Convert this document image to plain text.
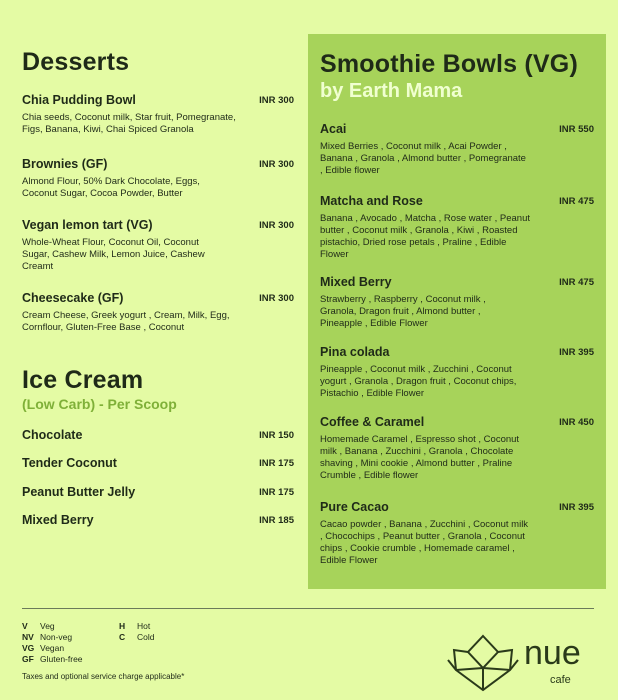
Desserts
Chia Pudding Bowl	INR 300
Chia seeds, Coconut milk, Star fruit, Pomegranate, Figs, Banana, Kiwi, Chai Spiced Granola
Brownies (GF)	INR 300
Almond Flour, 50% Dark Chocolate, Eggs, Coconut Sugar, Cocoa Powder, Butter
Vegan lemon tart (VG)	INR 300
Whole-Wheat Flour, Coconut Oil, Coconut Sugar, Cashew Milk, Lemon Juice, Cashew Creamt
Cheesecake (GF)	INR 300
Cream Cheese, Greek yogurt , Cream, Milk, Egg, Cornflour, Gluten-Free Base , Coconut
Ice Cream
(Low Carb) - Per Scoop
Chocolate	INR 150
Tender Coconut	INR 175
Peanut Butter Jelly	INR 175
Mixed Berry	INR 185
Smoothie Bowls (VG)
by Earth Mama
Acai	INR 550
Mixed Berries , Coconut milk , Acai Powder , Banana , Granola , Almond butter , Pomegranate , Edible flower
Matcha and Rose	INR 475
Banana , Avocado , Matcha , Rose water , Peanut butter , Coconut milk , Granola , Kiwi , Roasted pistachio, Dried rose petals , Praline , Edible Flower
Mixed Berry	INR 475
Strawberry , Raspberry , Coconut milk , Granola, Dragon fruit , Almond butter , Pineapple , Edible Flower
Pina colada	INR 395
Pineapple , Coconut milk , Zucchini , Coconut yogurt , Granola , Dragon fruit , Coconut chips, Pistachio , Edible Flower
Coffee & Caramel	INR 450
Homemade Caramel , Espresso shot , Coconut milk , Banana , Zucchini , Granola , Chocolate shaving , Mini cookie , Almond butter , Praline Crumble , Edible flower
Pure Cacao	INR 395
Cacao powder , Banana , Zucchini , Coconut milk , Chocochips , Peanut butter , Granola , Coconut chips , Cookie crumble , Homemade caramel , Edible Flower
V	Veg
NV Non-veg
VG Vegan
GF Gluten-free
H	Hot
C	Cold
Taxes and optional service charge applicable*
nue
cafe
